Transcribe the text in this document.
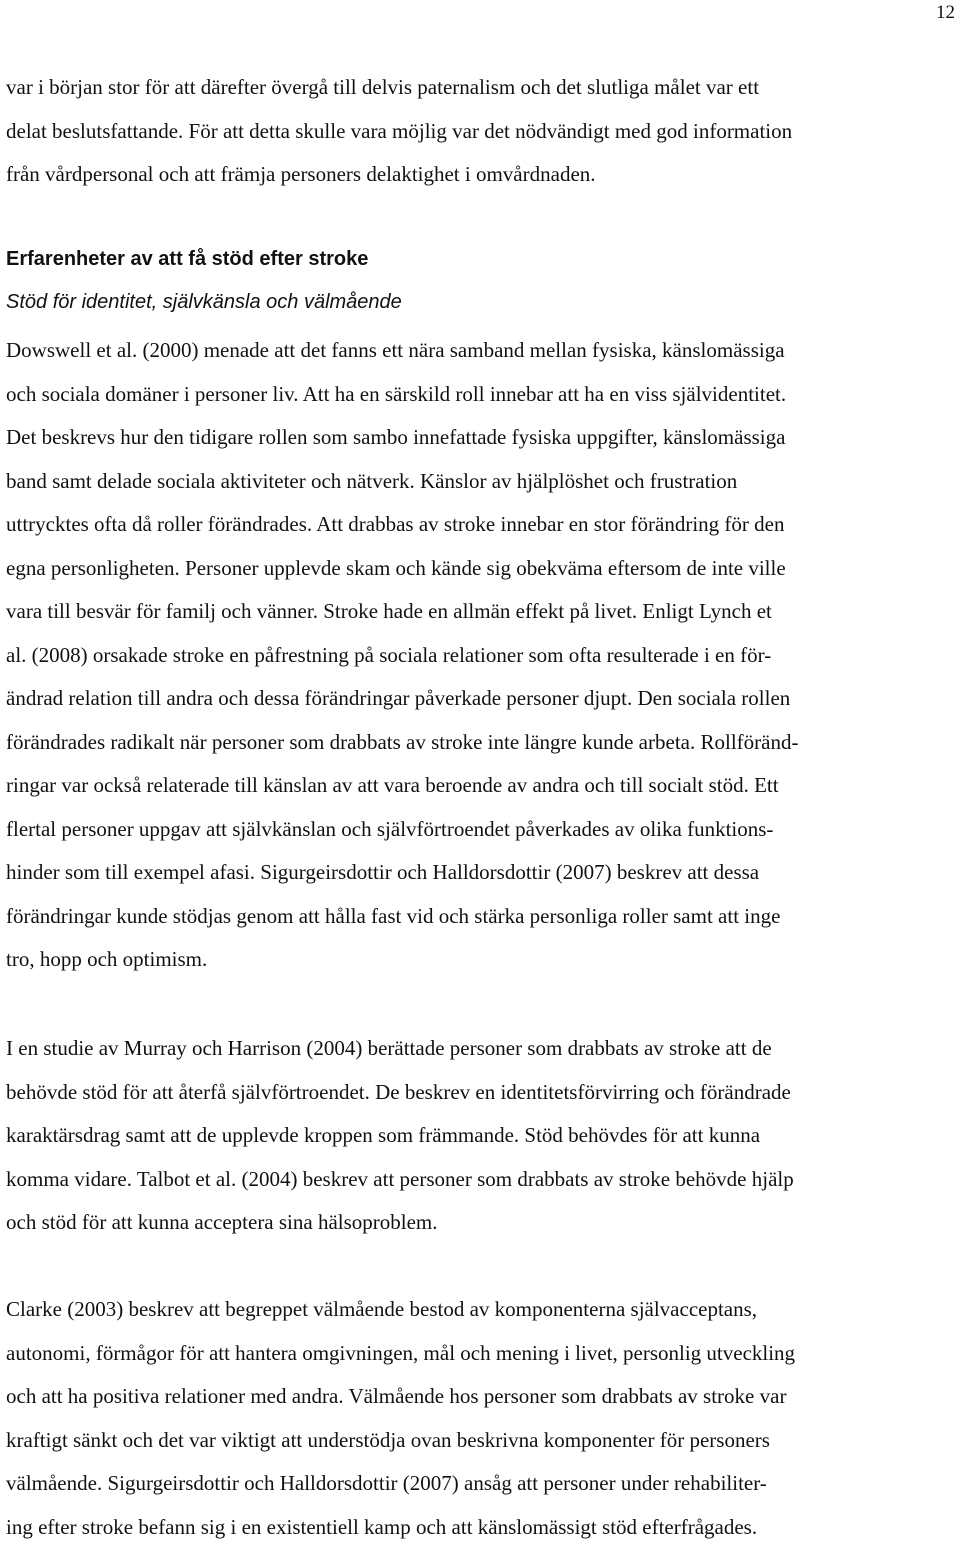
12
var i början stor för att därefter övergå till delvis paternalism och det slutliga målet var ett
delat beslutsfattande. För att detta skulle vara möjlig var det nödvändigt med god information
från vårdpersonal och att främja personers delaktighet i omvårdnaden.
Erfarenheter av att få stöd efter stroke
Stöd för identitet, självkänsla och välmående
Dowswell et al. (2000) menade att det fanns ett nära samband mellan fysiska, känslomässiga
och sociala domäner i personer liv. Att ha en särskild roll innebar att ha en viss självidentitet.
Det beskrevs hur den tidigare rollen som sambo innefattade fysiska uppgifter, känslomässiga
band samt delade sociala aktiviteter och nätverk. Känslor av hjälplöshet och frustration
uttrycktes ofta då roller förändrades. Att drabbas av stroke innebar en stor förändring för den
egna personligheten. Personer upplevde skam och kände sig obekväma eftersom de inte ville
vara till besvär för familj och vänner. Stroke hade en allmän effekt på livet. Enligt Lynch et
al. (2008) orsakade stroke en påfrestning på sociala relationer som ofta resulterade i en för-
ändrad relation till andra och dessa förändringar påverkade personer djupt. Den sociala rollen
förändrades radikalt när personer som drabbats av stroke inte längre kunde arbeta. Rollföränd-
ringar var också relaterade till känslan av att vara beroende av andra och till socialt stöd. Ett
flertal personer uppgav att självkänslan och självförtroendet påverkades av olika funktions-
hinder som till exempel afasi. Sigurgeirsdottir och Halldorsdottir (2007) beskrev att dessa
förändringar kunde stödjas genom att hålla fast vid och stärka personliga roller samt att inge
tro, hopp och optimism.
I en studie av Murray och Harrison (2004) berättade personer som drabbats av stroke att de
behövde stöd för att återfå självförtroendet. De beskrev en identitetsförvirring och förändrade
karaktärsdrag samt att de upplevde kroppen som främmande. Stöd behövdes för att kunna
komma vidare. Talbot et al. (2004) beskrev att personer som drabbats av stroke behövde hjälp
och stöd för att kunna acceptera sina hälsoproblem.
Clarke (2003) beskrev att begreppet välmående bestod av komponenterna självacceptans,
autonomi, förmågor för att hantera omgivningen, mål och mening i livet, personlig utveckling
och att ha positiva relationer med andra. Välmående hos personer som drabbats av stroke var
kraftigt sänkt och det var viktigt att understödja ovan beskrivna komponenter för personers
välmående. Sigurgeirsdottir och Halldorsdottir (2007) ansåg att personer under rehabiliter-
ing efter stroke befann sig i en existentiell kamp och att känslomässigt stöd efterfrågades.
